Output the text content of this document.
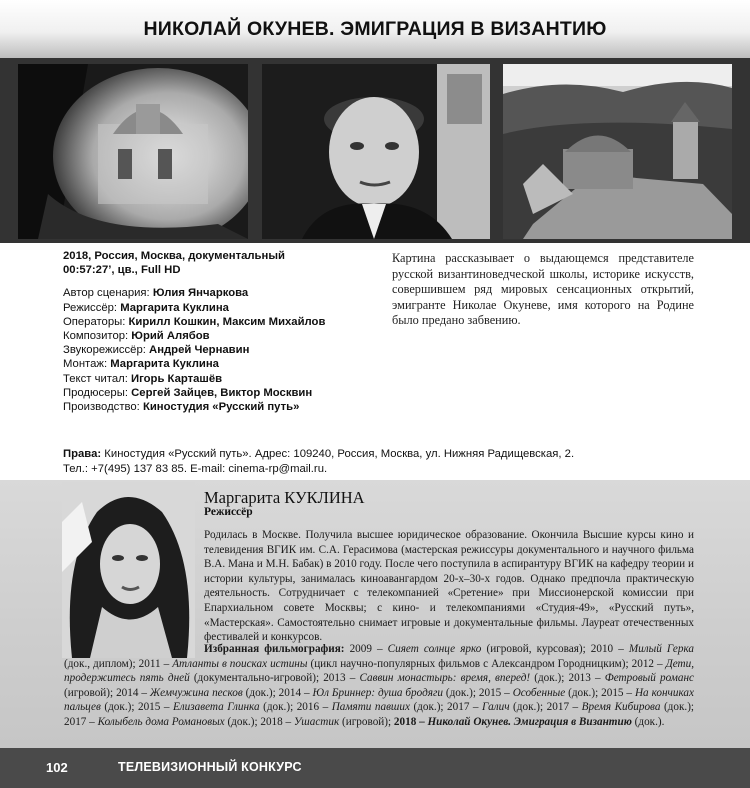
НИКОЛАЙ ОКУНЕВ. ЭМИГРАЦИЯ В ВИЗАНТИЮ
2018, Россия, Москва, документальный
00:57:27’, цв., Full HD
Автор сценария: Юлия Янчаркова
Режиссёр: Маргарита Куклина
Операторы: Кирилл Кошкин, Максим Михайлов
Композитор: Юрий Алябов
Звукорежиссёр: Андрей Чернавин
Монтаж: Маргарита Куклина
Текст читал: Игорь Карташёв
Продюсеры: Сергей Зайцев, Виктор Москвин
Производство: Киностудия «Русский путь»
Картина рассказывает о выдающемся представителе русской византиноведческой школы, историке искусств, совершившем ряд мировых сенсационных открытий, эмигранте Николае Окуневе, имя которого на Родине было предано забвению.
Права: Киностудия «Русский путь». Адрес: 109240, Россия, Москва, ул. Нижняя Радищевская, 2.
Тел.: +7(495) 137 83 85. E-mail: cinema-rp@mail.ru.
Маргарита КУКЛИНА
Режиссёр
Родилась в Москве. Получила высшее юридическое образование. Окончила Высшие курсы кино и телевидения ВГИК им. С.А. Герасимова (мастерская режиссуры документального и научного фильма В.А. Мана и М.Н. Бабак) в 2010 году. После чего поступила в аспирантуру ВГИК на кафедру теории и истории культуры, занималась киноавангардом 20-х–30-х годов. Однако предпочла практическую деятельность. Сотрудничает с телекомпанией «Сретение» при Миссионерской комиссии при Епархиальном совете Москвы; с кино- и телекомпаниями «Студия-49», «Русский путь», «Мастерская». Самостоятельно снимает игровые и документальные фильмы. Лауреат отечественных фестивалей и конкурсов.
Избранная фильмография: 2009 – Сияет солнце ярко (игровой, курсовая); 2010 – Милый Герка (док., диплом); 2011 – Атланты в поисках истины (цикл научно-популярных фильмов с Александром Городницким); 2012 – Дети, продержитесь пять дней (документально-игровой); 2013 – Саввин монастырь: время, вперед! (док.); 2013 – Фетровый романс (игровой); 2014 – Жемчужина песков (док.); 2014 – Юл Бриннер: душа бродяги (док.); 2015 – Особенные (док.); 2015 – На кончиках пальцев (док.); 2015 – Елизавета Глинка (док.); 2016 – Памяти павших (док.); 2017 – Галич (док.); 2017 – Время Кибирова (док.); 2017 – Колыбель дома Романовых (док.); 2018 – Ушастик (игровой); 2018 – Николай Окунев. Эмиграция в Византию (док.).
102	ТЕЛЕВИЗИОННЫЙ КОНКУРС
